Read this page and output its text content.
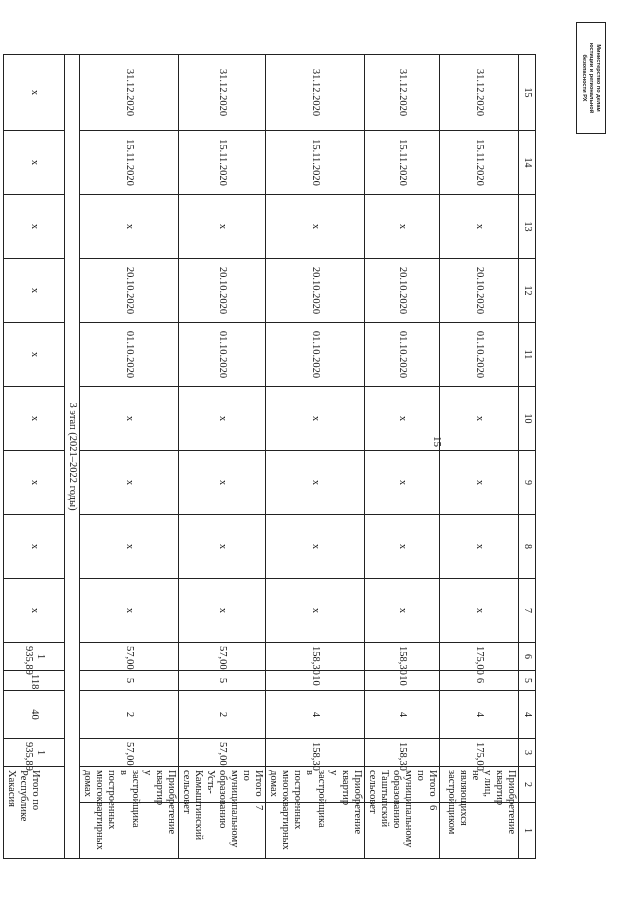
15
Министерство по делам
юстиции и региональной
безопасности РХ
15	14	13	12	11	10	9	8	7	6	5	4	3	2	1
31.12.2020	15.11.2020	x	20.10.2020	01.10.2020	x	x	x	x	175,00	6	4	175,00	Приобретение квартир у лиц, не являющихся застройщиком	
31.12.2020	15.11.2020	x	20.10.2020	01.10.2020	x	x	x	x	158,30	10	4	158,30	Итого по муниципальному образованию Таштыпский сельсовет	6
31.12.2020	15.11.2020	x	20.10.2020	01.10.2020	x	x	x	x	158,30	10	4	158,30	Приобретение квартир у застройщика в построенных многоквартирных домах	
31.12.2020	15.11.2020	x	20.10.2020	01.10.2020	x	x	x	x	57,00	5	2	57,00	Итого по муниципальному образованию Усть-Камыштинский сельсовет	7
31.12.2020	15.11.2020	x	20.10.2020	01.10.2020	x	x	x	x	57,00	5	2	57,00	Приобретение квартир у застройщика в построенных многоквартирных домах	
3 этап (2021–2022 годы)														
x	x	x	x	x	x	x	x	x	1 935,89	118	40	1 935,89	Итого по Республике Хакасия	
